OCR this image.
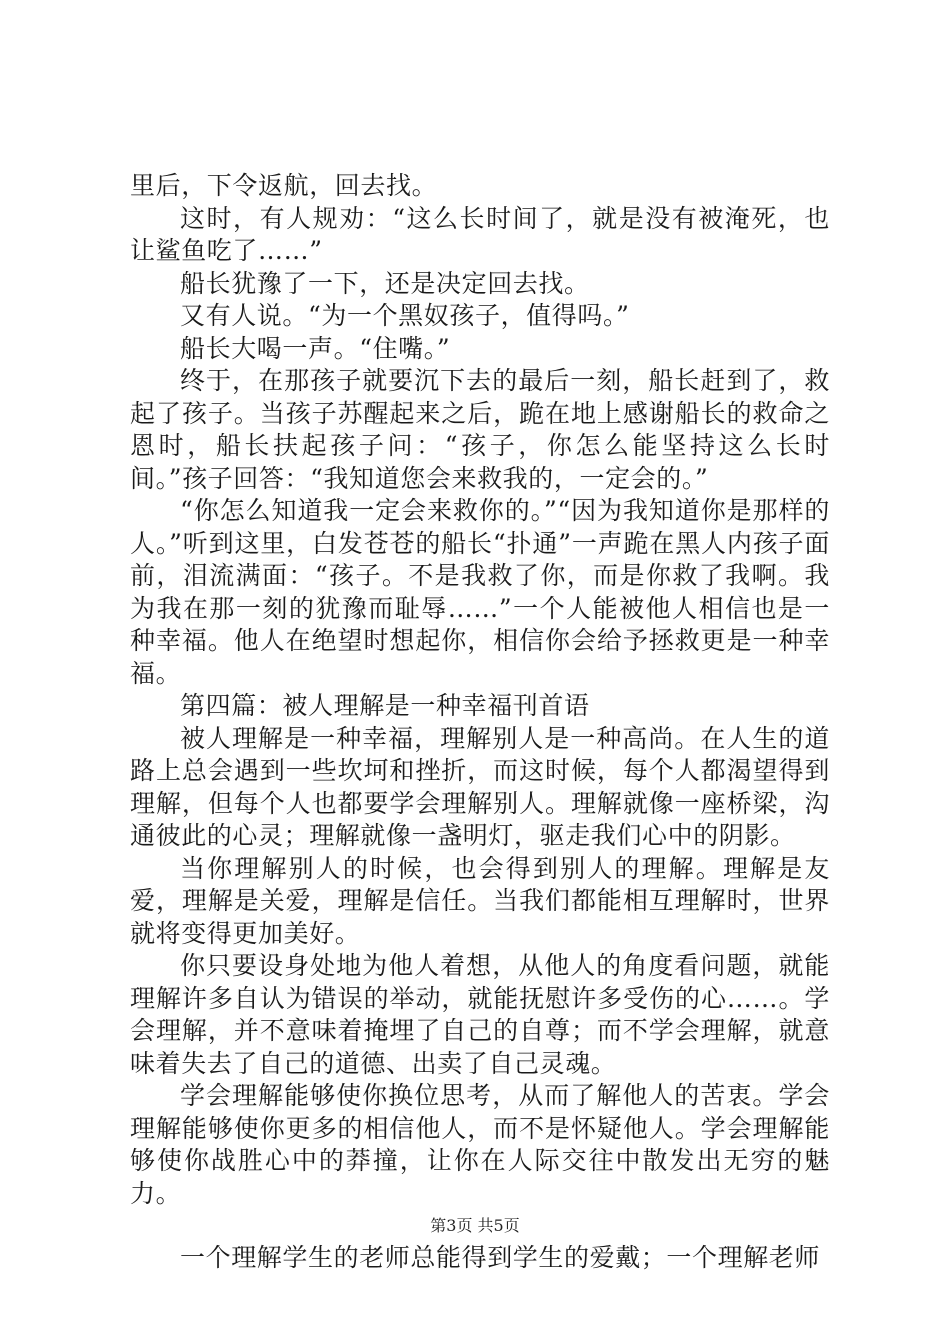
里后，下令返航，回去找。

这时，有人规劝：“这么长时间了，就是没有被淹死，也让鲨鱼吃了……”

船长犹豫了一下，还是决定回去找。

又有人说。“为一个黑奴孩子，值得吗。”

船长大喝一声。“住嘴。”

终于，在那孩子就要沉下去的最后一刻，船长赶到了，救起了孩子。当孩子苏醒起来之后，跪在地上感谢船长的救命之恩时，船长扶起孩子问：“孩子，你怎么能坚持这么长时间。”孩子回答：“我知道您会来救我的，一定会的。”

“你怎么知道我一定会来救你的。”“因为我知道你是那样的人。”听到这里，白发苍苍的船长“扑通”一声跪在黑人内孩子面前，泪流满面：“孩子。不是我救了你，而是你救了我啊。我为我在那一刻的犹豫而耻辱……”一个人能被他人相信也是一种幸福。他人在绝望时想起你，相信你会给予拯救更是一种幸福。

第四篇：被人理解是一种幸福刊首语

被人理解是一种幸福，理解别人是一种高尚。在人生的道路上总会遇到一些坎坷和挫折，而这时候，每个人都渴望得到理解，但每个人也都要学会理解别人。理解就像一座桥梁，沟通彼此的心灵；理解就像一盏明灯，驱走我们心中的阴影。

当你理解别人的时候，也会得到别人的理解。理解是友爱，理解是关爱，理解是信任。当我们都能相互理解时，世界就将变得更加美好。

你只要设身处地为他人着想，从他人的角度看问题，就能理解许多自认为错误的举动，就能抚慰许多受伤的心……。学会理解，并不意味着掩埋了自己的自尊；而不学会理解，就意味着失去了自己的道德、出卖了自己灵魂。

学会理解能够使你换位思考，从而了解他人的苦衷。学会理解能够使你更多的相信他人，而不是怀疑他人。学会理解能够使你战胜心中的莽撞，让你在人际交往中散发出无穷的魅力。

一个理解学生的老师总能得到学生的爱戴；一个理解老师

第3页 共5页
